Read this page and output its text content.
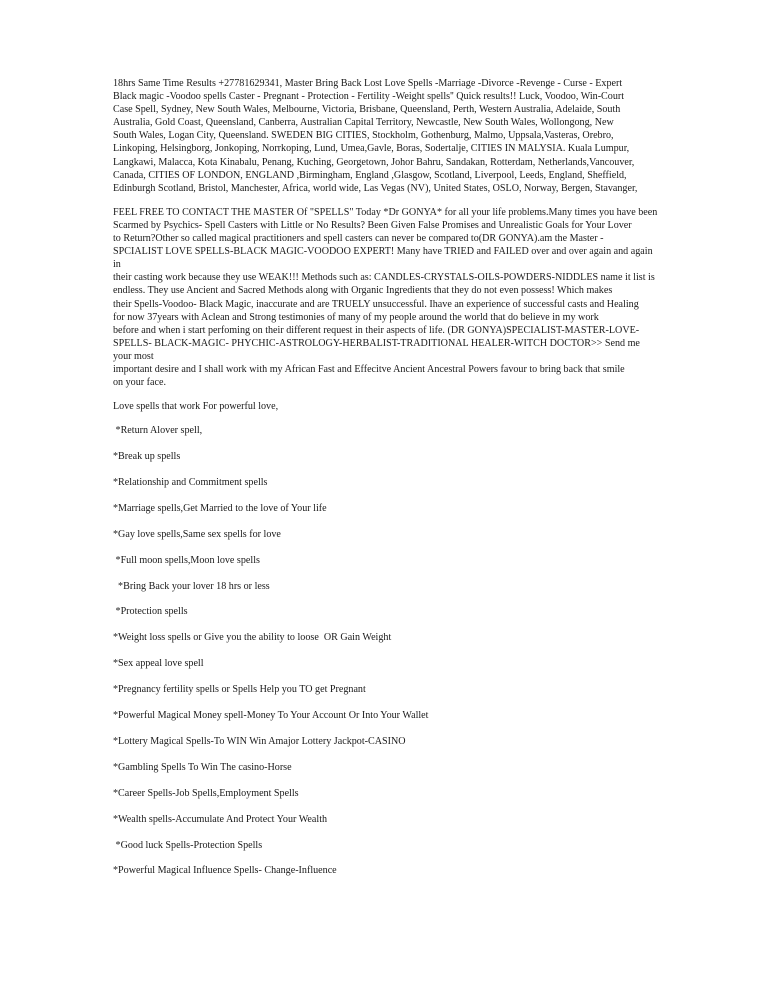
18hrs Same Time Results +27781629341, Master Bring Back Lost Love Spells -Marriage -Divorce -Revenge - Curse - Expert
Black magic -Voodoo spells Caster - Pregnant - Protection - Fertility -Weight spells'' Quick results!! Luck, Voodoo, Win-Court
Case Spell, Sydney, New South Wales, Melbourne, Victoria, Brisbane, Queensland, Perth, Western Australia, Adelaide, South
Australia, Gold Coast, Queensland, Canberra, Australian Capital Territory, Newcastle, New South Wales, Wollongong, New
South Wales, Logan City, Queensland. SWEDEN BIG CITIES, Stockholm, Gothenburg, Malmo, Uppsala,Vasteras, Orebro,
Linkoping, Helsingborg, Jonkoping, Norrkoping, Lund, Umea,Gavle, Boras, Sodertalje, CITIES IN MALYSIA. Kuala Lumpur,
Langkawi, Malacca, Kota Kinabalu, Penang, Kuching, Georgetown, Johor Bahru, Sandakan, Rotterdam, Netherlands,Vancouver,
Canada, CITIES OF LONDON, ENGLAND ,Birmingham, England ,Glasgow, Scotland, Liverpool, Leeds, England, Sheffield,
Edinburgh Scotland, Bristol, Manchester, Africa, world wide, Las Vegas (NV), United States, OSLO, Norway, Bergen, Stavanger,

FEEL FREE TO CONTACT THE MASTER Of "SPELLS" Today *Dr GONYA* for all your life problems.Many times you have been
Scarmed by Psychics- Spell Casters with Little or No Results? Been Given False Promises and Unrealistic Goals for Your Lover
to Return?Other so called magical practitioners and spell casters can never be compared to(DR GONYA).am the Master -
SPCIALIST LOVE SPELLS-BLACK MAGIC-VOODOO EXPERT! Many have TRIED and FAILED over and over again and again in
their casting work because they use WEAK!!! Methods such as: CANDLES-CRYSTALS-OILS-POWDERS-NIDDLES name it list is
endless. They use Ancient and Sacred Methods along with Organic Ingredients that they do not even possess! Which makes
their Spells-Voodoo- Black Magic, inaccurate and are TRUELY unsuccessful. Ihave an experience of successful casts and Healing
for now 37years with Aclean and Strong testimonies of many of my people around the world that do believe in my work
before and when i start perfoming on their different request in their aspects of life. (DR GONYA)SPECIALIST-MASTER-LOVE-
SPELLS- BLACK-MAGIC- PHYCHIC-ASTROLOGY-HERBALIST-TRADITIONAL HEALER-WITCH DOCTOR>> Send me your most
important desire and I shall work with my African Fast and Effecitve Ancient Ancestral Powers favour to bring back that smile
on your face.

Love spells that work For powerful love,

*Return Alover spell,
*Break up spells
*Relationship and Commitment spells
*Marriage spells,Get Married to the love of Your life
*Gay love spells,Same sex spells for love
*Full moon spells,Moon love spells
*Bring Back your lover 18 hrs or less
*Protection spells
*Weight loss spells or Give you the ability to loose  OR Gain Weight
*Sex appeal love spell
*Pregnancy fertility spells or Spells Help you TO get Pregnant
*Powerful Magical Money spell-Money To Your Account Or Into Your Wallet
*Lottery Magical Spells-To WIN Win Amajor Lottery Jackpot-CASINO
*Gambling Spells To Win The casino-Horse
*Career Spells-Job Spells,Employment Spells
*Wealth spells-Accumulate And Protect Your Wealth
*Good luck Spells-Protection Spells
*Powerful Magical Influence Spells- Change-Influence
